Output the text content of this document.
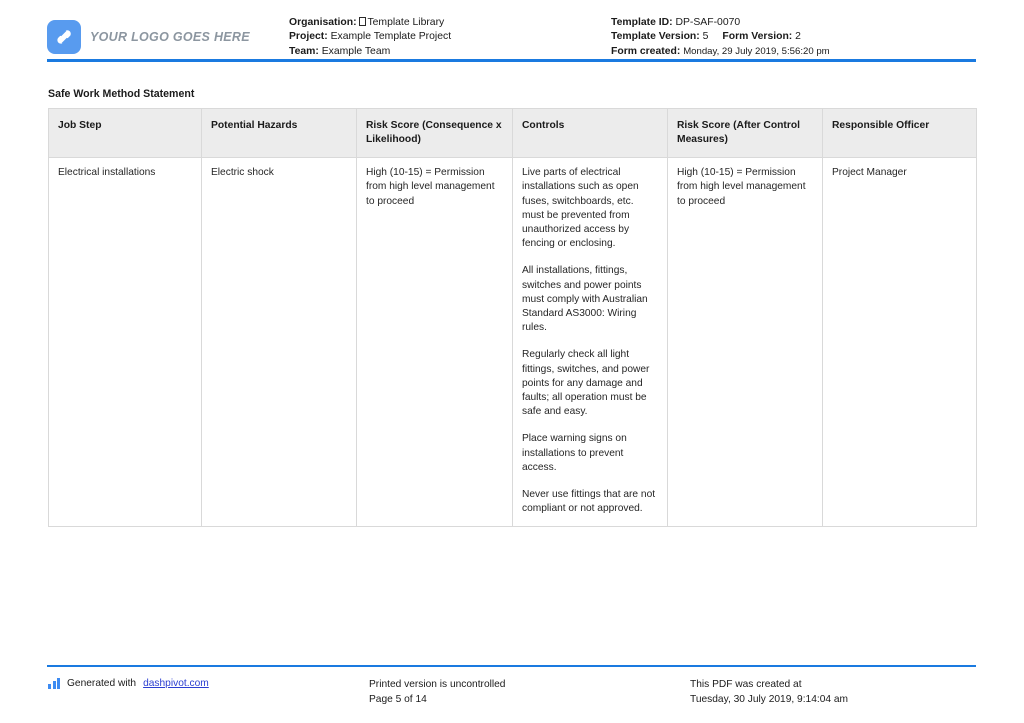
YOUR LOGO GOES HERE
Organisation: Template Library
Project: Example Template Project
Team: Example Team
Template ID: DP-SAF-0070
Template Version: 5 Form Version: 2
Form created: Monday, 29 July 2019, 5:56:20 pm
Safe Work Method Statement
Job Step	Potential Hazards	Risk Score (Consequence x Likelihood)	Controls	Risk Score (After Control Measures)	Responsible Officer
Electrical installations	Electric shock	High (10-15) = Permission from high level management to proceed	Live parts of electrical installations such as open fuses, switchboards, etc. must be prevented from unauthorized access by fencing or enclosing.
All installations, fittings, switches and power points must comply with Australian Standard AS3000: Wiring rules.
Regularly check all light fittings, switches, and power points for any damage and faults; all operation must be safe and easy.
Place warning signs on installations to prevent access.
Never use fittings that are not compliant or not approved.	High (10-15) = Permission from high level management to proceed	Project Manager
Generated with dashpivot.com	Printed version is uncontrolled
Page 5 of 14
This PDF was created at
Tuesday, 30 July 2019, 9:14:04 am
